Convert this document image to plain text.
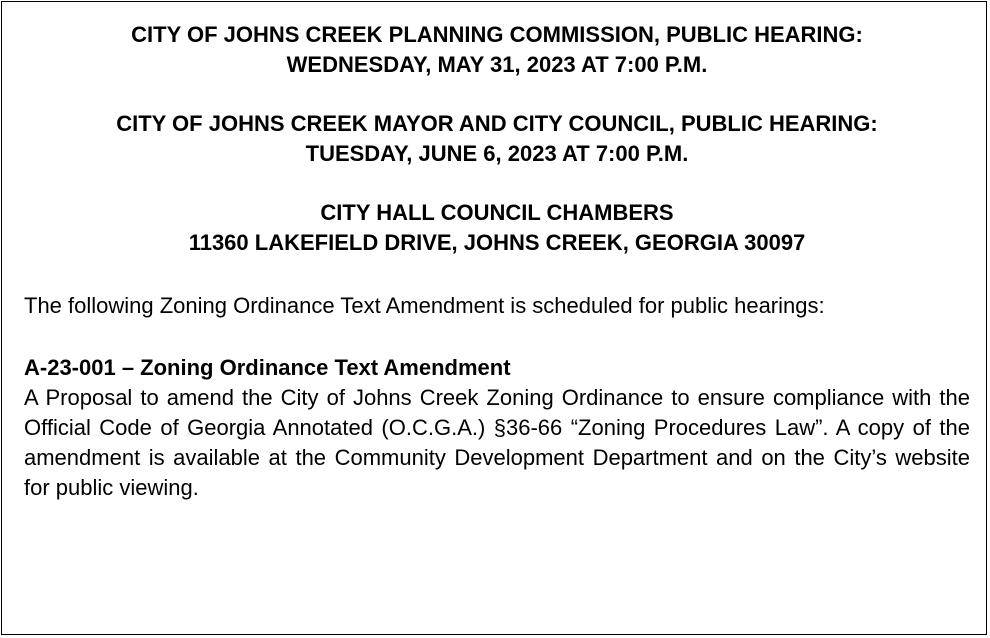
CITY OF JOHNS CREEK PLANNING COMMISSION, PUBLIC HEARING:
WEDNESDAY, MAY 31, 2023 AT 7:00 P.M.

CITY OF JOHNS CREEK MAYOR AND CITY COUNCIL, PUBLIC HEARING:
TUESDAY, JUNE 6, 2023 AT 7:00 P.M.

CITY HALL COUNCIL CHAMBERS
11360 LAKEFIELD DRIVE, JOHNS CREEK, GEORGIA 30097

The following Zoning Ordinance Text Amendment is scheduled for public hearings:

A-23-001 – Zoning Ordinance Text Amendment

A Proposal to amend the City of Johns Creek Zoning Ordinance to ensure compliance with the Official Code of Georgia Annotated (O.C.G.A.) §36-66 “Zoning Procedures Law”. A copy of the amendment is available at the Community Development Department and on the City’s website for public viewing.
